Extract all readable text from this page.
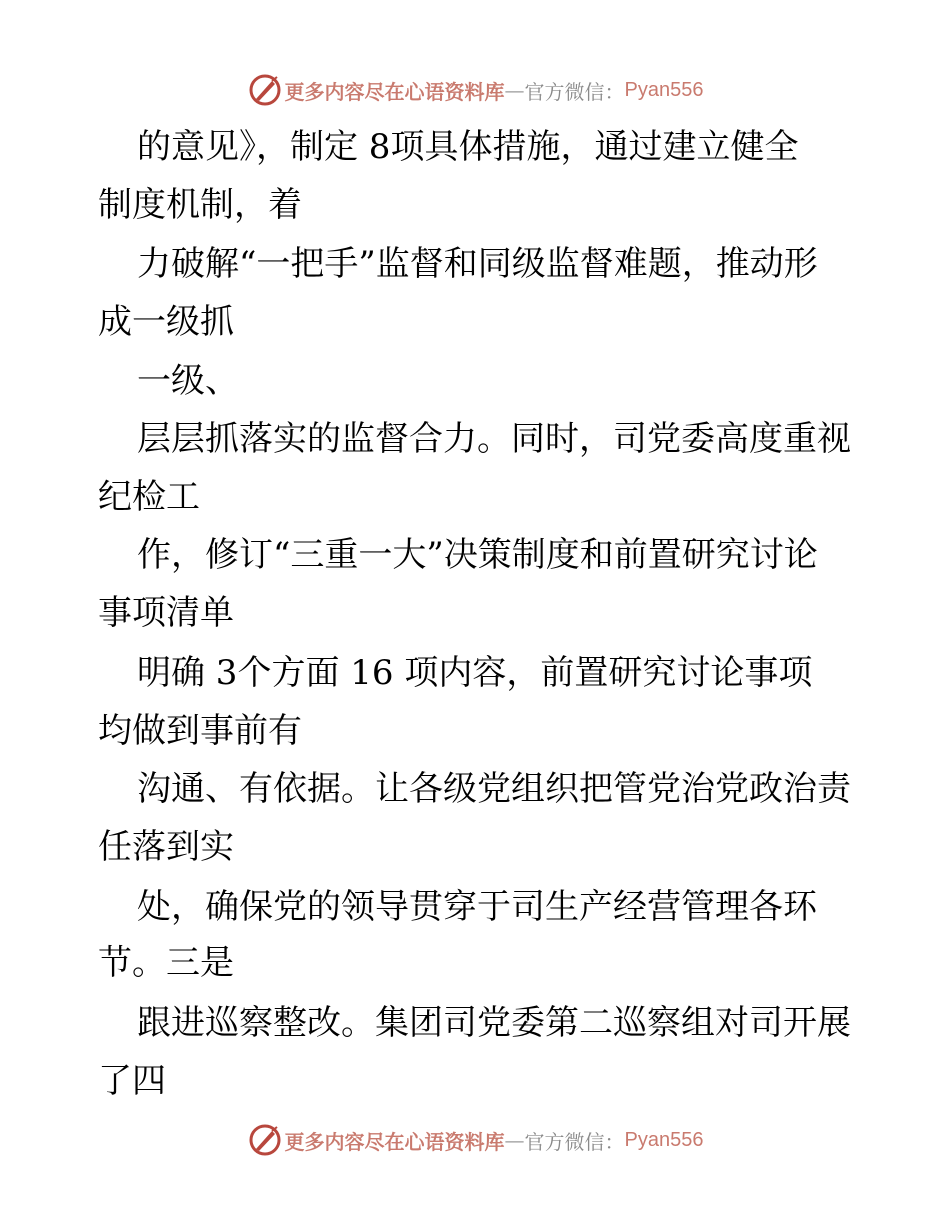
更多内容尽在心语资料库 — 官方微信： Pyan556
的意见》，制定 8项具体措施，通过建立健全
制度机制，着
力破解“一把手”监督和同级监督难题，推动形
成一级抓
一级、
层层抓落实的监督合力。同时，司党委高度重视
纪检工
作，修订“三重一大”决策制度和前置研究讨论
事项清单
明确 3个方面 16 项内容，前置研究讨论事项
均做到事前有
沟通、有依据。让各级党组织把管党治党政治责
任落到实
处，确保党的领导贯穿于司生产经营管理各环
节。三是
跟进巡察整改。集团司党委第二巡察组对司开展
了四
更多内容尽在心语资料库 — 官方微信： Pyan556
